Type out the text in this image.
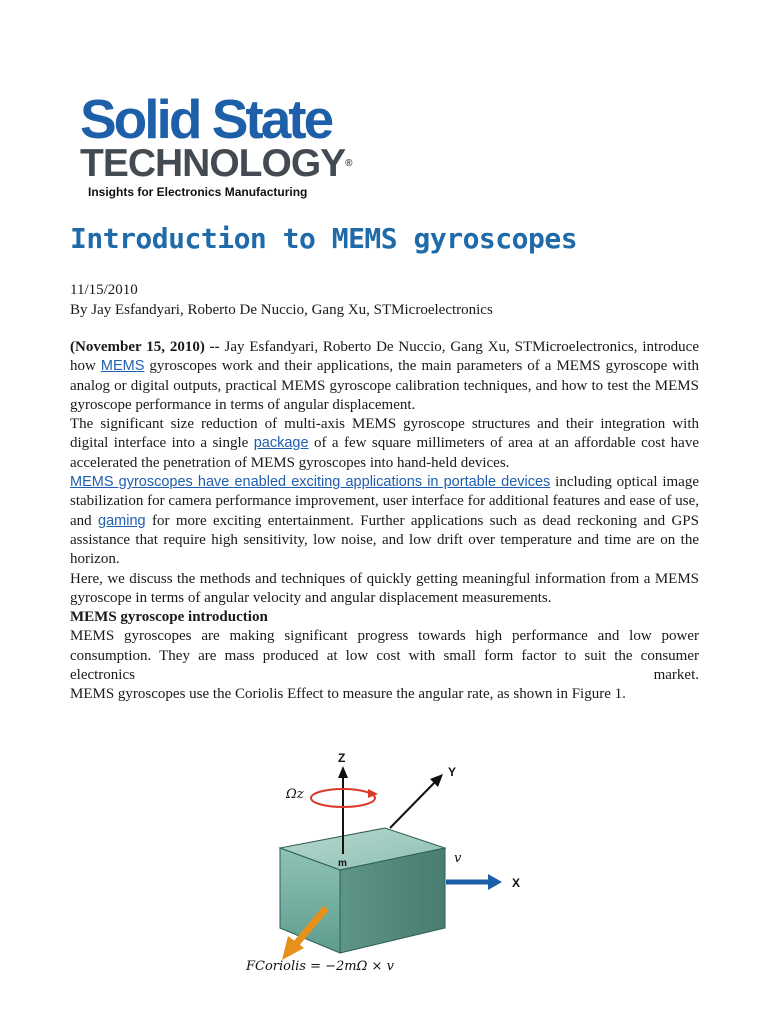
Solid State
TECHNOLOGY®
Insights for Electronics Manufacturing
Introduction to MEMS gyroscopes
11/15/2010
By Jay Esfandyari, Roberto De Nuccio, Gang Xu, STMicroelectronics

(November 15, 2010) -- Jay Esfandyari, Roberto De Nuccio, Gang Xu, STMicroelectronics, introduce how MEMS gyroscopes work and their applications, the main parameters of a MEMS gyroscope with analog or digital outputs, practical MEMS gyroscope calibration techniques, and how to test the MEMS gyroscope performance in terms of angular displacement.

The significant size reduction of multi-axis MEMS gyroscope structures and their integration with digital interface into a single package of a few square millimeters of area at an affordable cost have accelerated the penetration of MEMS gyroscopes into hand-held devices.

MEMS gyroscopes have enabled exciting applications in portable devices including optical image stabilization for camera performance improvement, user interface for additional features and ease of use, and gaming for more exciting entertainment. Further applications such as dead reckoning and GPS assistance that require high sensitivity, low noise, and low drift over temperature and time are on the horizon.

Here, we discuss the methods and techniques of quickly getting meaningful information from a MEMS gyroscope in terms of angular velocity and angular displacement measurements.

MEMS gyroscope introduction

MEMS gyroscopes are making significant progress towards high performance and low power consumption. They are mass produced at low cost with small form factor to suit the consumer electronics market.

MEMS gyroscopes use the Coriolis Effect to measure the angular rate, as shown in Figure 1.

Z
Y
Ωz
m
X
v
FCoriolis = −2mΩ × v
